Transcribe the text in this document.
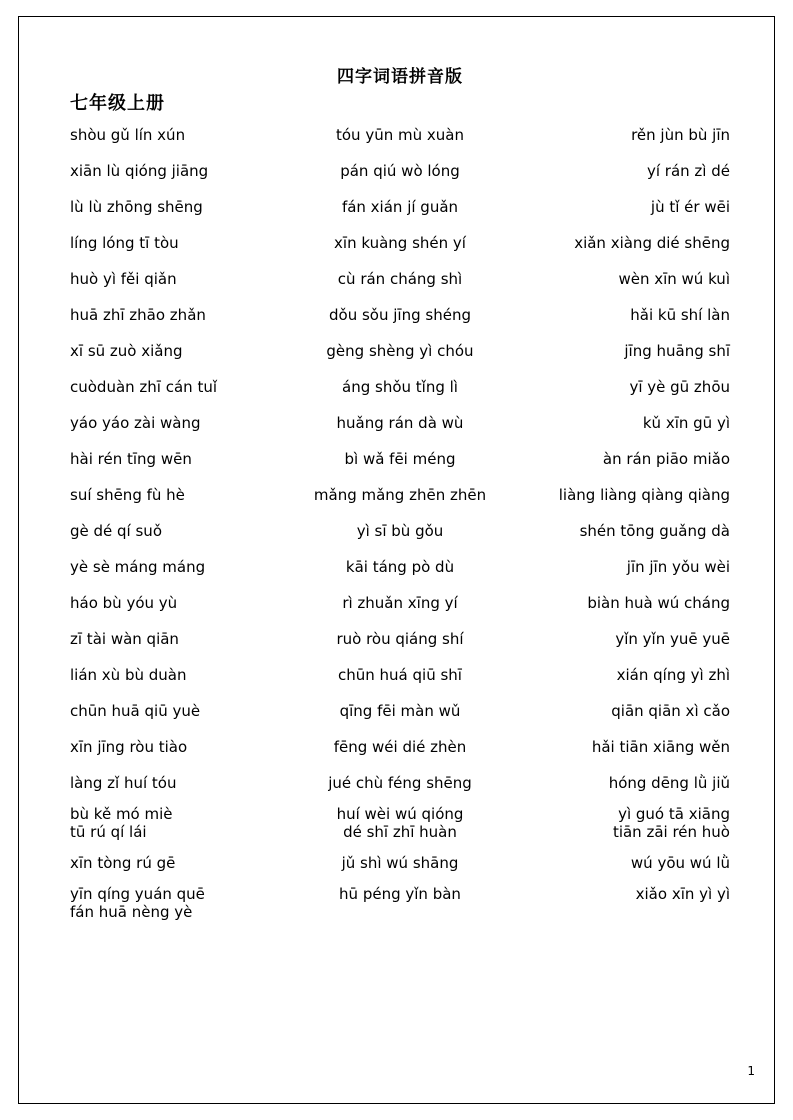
四字词语拼音版
七年级上册
shòu gǔ lín xún	tóu yūn mù xuàn	rěn jùn bù jīn
xiān lù qióng jiāng	pán qiú wò lóng	yí rán zì dé
lù lù zhōng shēng	fán xián jí guǎn	jù tǐ ér wēi
líng lóng tī tòu	xīn kuàng shén yí	xiǎn xiàng dié shēng
huò yì fěi qiǎn	cù rán cháng shì	wèn xīn wú kuì
huā zhī zhāo zhǎn	dǒu sǒu jīng shéng	hǎi kū shí làn
xī sū zuò xiǎng	gèng shèng yì chóu	jīng huāng shī
cuòduàn zhī cán tuǐ	áng shǒu tǐng lì	yī yè gū zhōu
yáo yáo zài wàng	huǎng rán dà wù	kǔ xīn gū yì
hài rén tīng wēn	bì wǎ fēi méng	àn rán piāo miǎo
suí shēng fù hè	mǎng mǎng zhēn zhēn	liàng liàng qiàng qiàng
gè dé qí suǒ	yì sī bù gǒu	shén tōng guǎng dà
yè sè máng máng	kāi táng pò dù	jīn jīn yǒu wèi
háo bù yóu yù	rì zhuǎn xīng yí	biàn huà wú cháng
zī tài wàn qiān	ruò ròu qiáng shí	yǐn yǐn yuē yuē
lián xù bù duàn	chūn huá qiū shī	xián qíng yì zhì
chūn huā qiū yuè	qīng fēi màn wǔ	qiān qiān xì cǎo
xīn jīng ròu tiào	fēng wéi dié zhèn	hǎi tiān xiāng wěn
làng zǐ huí tóu	jué chù féng shēng	hóng dēng lǜ jiǔ
bù kě mó miè	huí wèi wú qióng	yì guó tā xiāng
tū rú qí lái	dé shī zhī huàn	tiān zāi rén huò
xīn tòng rú gē	jǔ shì wú shāng	wú yōu wú lǜ
yīn qíng yuán quē	hū péng yǐn bàn	xiǎo xīn yì yì
fán huā nèng yè		
1
